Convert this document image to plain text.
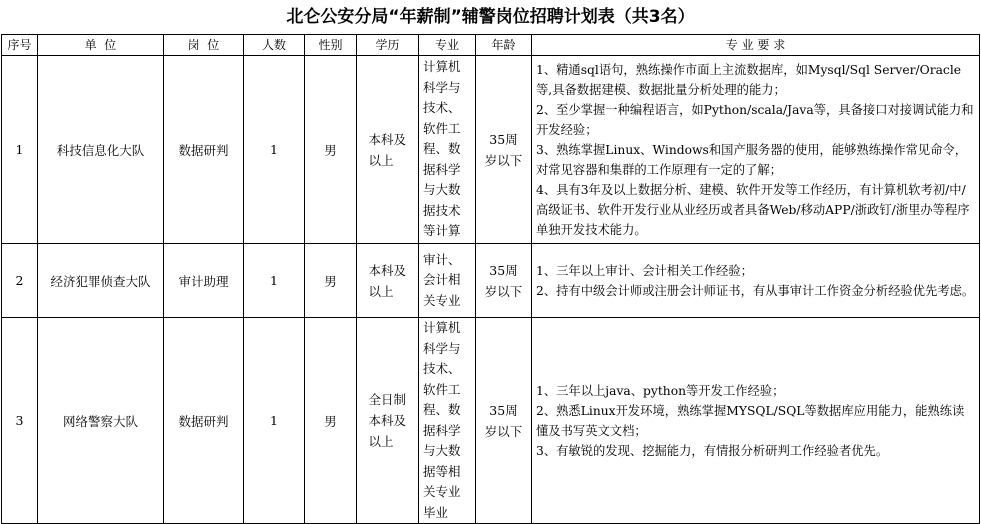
北仑公安分局“年薪制”辅警岗位招聘计划表（共3名）
序号	单  位	岗  位	人数	性别	学历	专业	年龄	专 业 要 求
1	科技信息化大队	数据研判	1	男	本科及以上	计算机科学与技术、软件工程、数据科学与大数据技术等计算	35周岁以下	1、精通sql语句，熟练操作市面上主流数据库，如Mysql/Sql Server/Oracle等,具备数据建模、数据批量分析处理的能力；
2、至少掌握一种编程语言，如Python/scala/Java等，具备接口对接调试能力和开发经验；
3、熟练掌握Linux、Windows和国产服务器的使用，能够熟练操作常见命令，对常见容器和集群的工作原理有一定的了解；
4、具有3年及以上数据分析、建模、软件开发等工作经历，有计算机软考初/中/高级证书、软件开发行业从业经历或者具备Web/移动APP/浙政钉/浙里办等程序单独开发技术能力。

2	经济犯罪侦查大队	审计助理	1	男	本科及以上	审计、会计相关专业	35周岁以下	1、三年以上审计、会计相关工作经验；
2、持有中级会计师或注册会计师证书，有从事审计工作资金分析经验优先考虑。

3	网络警察大队	数据研判	1	男	全日制本科及以上	计算机科学与技术、软件工程、数据科学与大数据等相关专业毕业	35周岁以下	1、三年以上java、python等开发工作经验；
2、熟悉Linux开发环境，熟练掌握MYSQL/SQL等数据库应用能力，能熟练读懂及书写英文文档；
3、有敏锐的发现、挖掘能力，有情报分析研判工作经验者优先。
